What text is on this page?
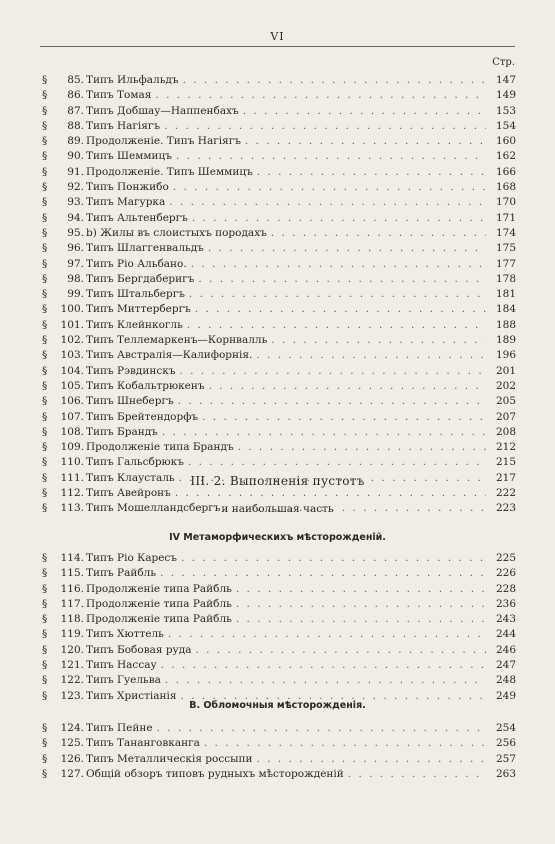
VI
Стр.
§	85. Типъ Ильфальдъ . . .	147
§	86. Типъ Томая . . .	149
§	87. Типъ Добшау—Наппенбахъ . . .	153
§	88. Типъ Нагіягъ . . .	154
§	89. Продолженіе. Типъ Нагіягъ . . .	160
§	90. Типъ Шеммицъ . . .	162
§	91. Продолженіе. Типъ Шеммицъ . . .	166
§	92. Типъ Понжибо . . .	168
§	93. Типъ Магурка . . .	170
§	94. Типъ Альтенбергъ . . .	171
§	95. b) Жилы въ слоистыхъ породахъ . . .	174
§	96. Типъ Шлаггенвальдъ . . .	175
§	97. Типъ Ріо Альбано. . . .	177
§	98. Типъ Бергдаберигъ . . .	178
§	99. Типъ Штальбергъ . . .	181
§	100. Типъ Миттербергъ . . .	184
§	101. Типъ Клейнкогль . . .	188
§	102. Типъ Теллемаркенъ—Корнвалль . . .	189
§	103. Типъ Австралія—Калифорнія. . . .	196
§	104. Типъ Рэвдинскъ . . .	201
§	105. Типъ Кобальтрюкенъ . . .	202
§	106. Типъ Шнебергъ . . .	205
§	107. Типъ Брейтендорфъ . . .	207
§	108. Типъ Брандъ . . .	208
§	109. Продолженіе типа Брандъ . . .	212
§	110. Типъ Гальсбрюкъ . . .	215
§	111. Типъ Клаусталь . . .	217
§	112. Типъ Авейронъ . . .	222
§	113. Типъ Мошелландсбергъ . . .	223
III. 2. Выполненія пустотъ
и наибольшая часть
IV Метаморфическихъ мѣсторожденій.
§	114. Типъ Ріо Каресъ . . .	225
§	115. Типъ Райбль . . .	226
§	116. Продолженіе типа Райбль . . .	228
§	117. Продолженіе типа Райбль . . .	236
§	118. Продолженіе типа Райбль . . .	243
§	119. Типъ Хюттель . . .	244
§	120. Типъ Бобовая руда . . .	246
§	121. Типъ Нассау . . .	247
§	122. Типъ Гуельва . . .	248
§	123. Типъ Христіанія . . .	249
В. Обломочныя мѣсторожденія.
§	124. Типъ Пейне . . .	254
§	125. Типъ Тананговканга . . .	256
§	126. Типъ Металлическія россыпи . . .	257
§	127. Общій обзоръ типовъ рудныхъ мѣсторожденій . . .	263
